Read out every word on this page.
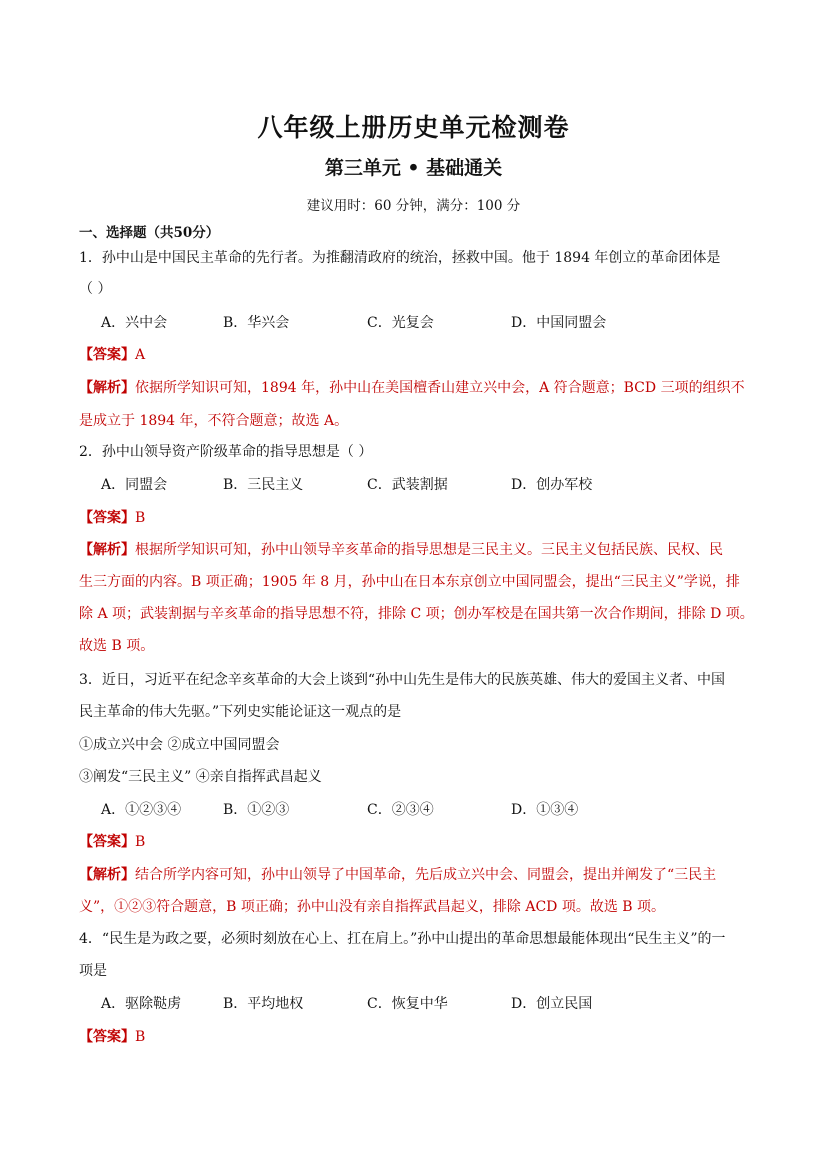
八年级上册历史单元检测卷
第三单元 • 基础通关
建议用时：60 分钟，满分：100 分
一、选择题（共50分）
1．孙中山是中国民主革命的先行者。为推翻清政府的统治，拯救中国。他于 1894 年创立的革命团体是
（ ）
A．兴中会	B．华兴会	C．光复会	D．中国同盟会
【答案】A
【解析】依据所学知识可知，1894 年，孙中山在美国檀香山建立兴中会，A 符合题意；BCD 三项的组织不
是成立于 1894 年，不符合题意；故选 A。
2．孙中山领导资产阶级革命的指导思想是（ ）
A．同盟会	B．三民主义	C．武装割据	D．创办军校
【答案】B
【解析】根据所学知识可知，孙中山领导辛亥革命的指导思想是三民主义。三民主义包括民族、民权、民
生三方面的内容。B 项正确；1905 年 8 月，孙中山在日本东京创立中国同盟会，提出“三民主义”学说，排
除 A 项；武装割据与辛亥革命的指导思想不符，排除 C 项；创办军校是在国共第一次合作期间，排除 D 项。
故选 B 项。
3．近日，习近平在纪念辛亥革命的大会上谈到“孙中山先生是伟大的民族英雄、伟大的爱国主义者、中国
民主革命的伟大先驱。”下列史实能论证这一观点的是
①成立兴中会 ②成立中国同盟会
③阐发“三民主义” ④亲自指挥武昌起义
A．①②③④	B．①②③	C．②③④	D．①③④
【答案】B
【解析】结合所学内容可知，孙中山领导了中国革命，先后成立兴中会、同盟会，提出并阐发了“三民主
义”，①②③符合题意，B 项正确；孙中山没有亲自指挥武昌起义，排除 ACD 项。故选 B 项。
4．“民生是为政之要，必须时刻放在心上、扛在肩上。”孙中山提出的革命思想最能体现出“民生主义”的一
项是
A．驱除鞑虏	B．平均地权	C．恢复中华	D．创立民国
【答案】B
